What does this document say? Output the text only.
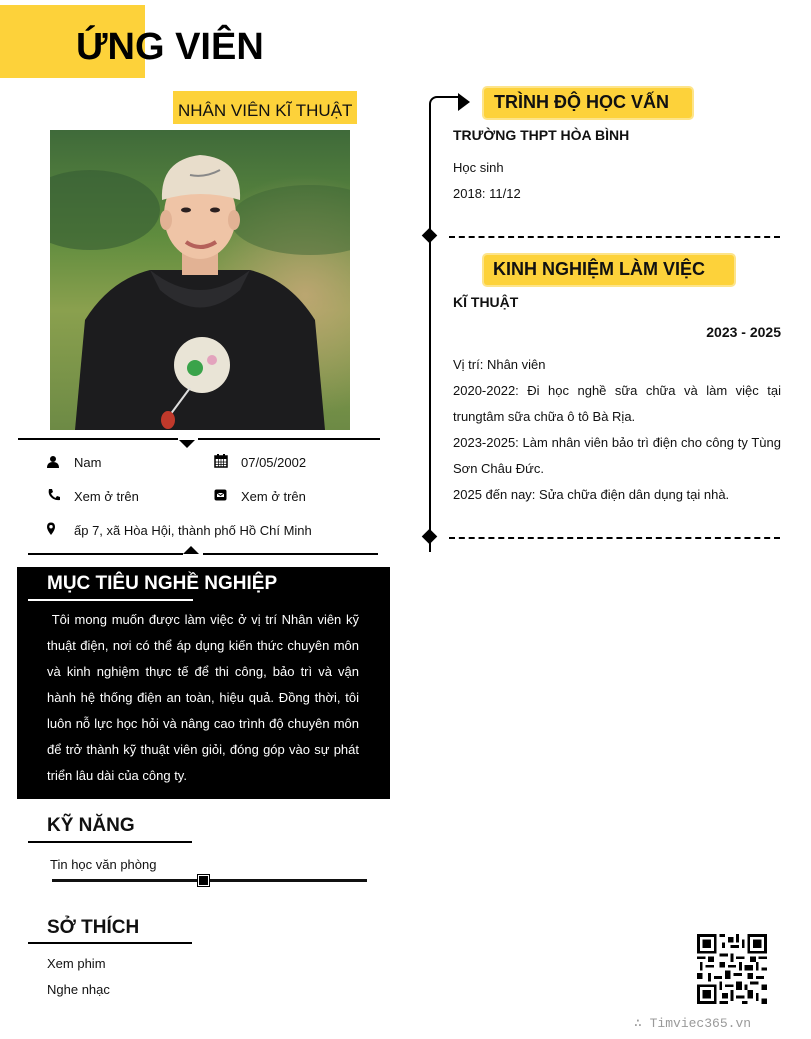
ỨNG VIÊN
NHÂN VIÊN KĨ THUẬT
Nam	07/05/2002
Xem ở trên	Xem ở trên
ấp 7, xã Hòa Hội, thành phố Hồ Chí Minh
MỤC TIÊU NGHỀ NGHIỆP
Tôi mong muốn được làm việc ở vị trí Nhân viên kỹ thuật điện, nơi có thể áp dụng kiến thức chuyên môn và kinh nghiệm thực tế để thi công, bảo trì và vận hành hệ thống điện an toàn, hiệu quả. Đồng thời, tôi luôn nỗ lực học hỏi và nâng cao trình độ chuyên môn để trở thành kỹ thuật viên giỏi, đóng góp vào sự phát triển lâu dài của công ty.
KỸ NĂNG
Tin học văn phòng
SỞ THÍCH
Xem phim
Nghe nhạc
TRÌNH ĐỘ HỌC VẤN
TRƯỜNG THPT HÒA BÌNH
Học sinh
2018: 11/12
KINH NGHIỆM LÀM VIỆC
KĨ THUẬT
2023 - 2025

Vị trí: Nhân viên

2020-2022: Đi học nghề sữa chữa và làm việc tại trungtâm sữa chữa ô tô Bà Rịa.

2023-2025: Làm nhân viên bảo trì điện cho công ty Tùng Sơn Châu Đức.

2025 đến nay: Sửa chữa điện dân dụng tại nhà.

∴ Timviec365.vn
